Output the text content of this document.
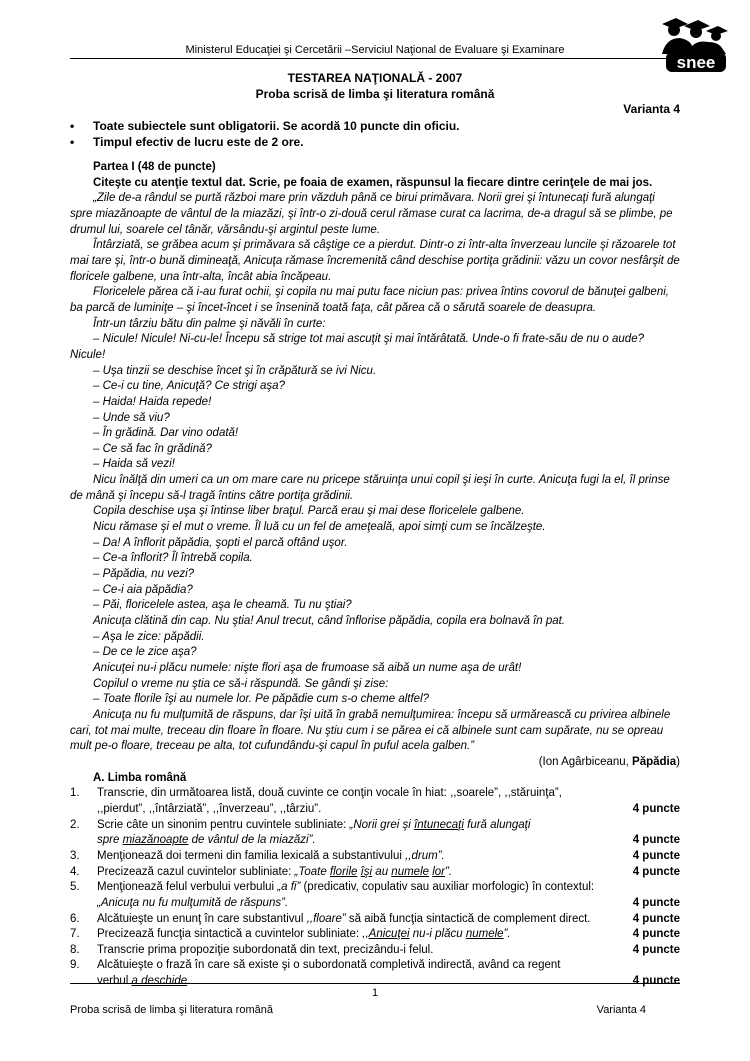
Ministerul Educaţiei şi Cercetării –Serviciul Naţional de Evaluare şi Examinare
snee
TESTAREA NAŢIONALĂ - 2007
Proba scrisă de limba şi literatura română
Varianta 4
• Toate subiectele sunt obligatorii. Se acordă 10 puncte din oficiu.
• Timpul efectiv de lucru este de 2 ore.

Partea I (48 de puncte)

Citeşte cu atenţie textul dat. Scrie, pe foaia de examen, răspunsul la fiecare dintre cerinţele de mai jos.

„Zile de-a rândul se purtă război mare prin văzduh până ce birui primăvara. Norii grei şi întunecaţi fură alungaţi spre miazănoapte de vântul de la miazăzi, şi într-o zi-două cerul rămase curat ca lacrima, de-a dragul să se plimbe, pe drumul lui, soarele cel tânăr, vărsându-şi argintul peste lume.

Întârziată, se grăbea acum şi primăvara să câştige ce a pierdut. Dintr-o zi într-alta înverzeau luncile şi răzoarele tot mai tare şi, într-o bună dimineaţă, Anicuţa rămase încremenită când deschise portiţa grădinii: văzu un covor nesfârşit de floricele galbene, una într-alta, încât abia încăpeau.

Floricelele părea că i-au furat ochii, şi copila nu mai putu face niciun pas: privea întins covorul de bănuţei galbeni, ba parcă de luminiţe – şi încet-încet i se însenină toată faţa, cât părea că o sărută soarele de deasupra.

Într-un târziu bătu din palme şi năvăli în curte:

– Nicule! Nicule! Ni-cu-le! Începu să strige tot mai ascuţit şi mai întărâtată. Unde-o fi frate-său de nu o aude? Nicule!

– Uşa tinzii se deschise încet şi în crăpătură se ivi Nicu.

– Ce-i cu tine, Anicuţă? Ce strigi aşa?

– Haida! Haida repede!

– Unde să viu?

– În grădină. Dar vino odată!

– Ce să fac în grădină?

– Haida să vezi!

Nicu înălţă din umeri ca un om mare care nu pricepe stăruinţa unui copil şi ieşi în curte. Anicuţa fugi la el, îl prinse de mână şi începu să-l tragă întins către portiţa grădinii.

Copila deschise uşa şi întinse liber braţul. Parcă erau şi mai dese floricelele galbene.

Nicu rămase şi el mut o vreme. Îl luă cu un fel de ameţeală, apoi simţi cum se încălzeşte.

– Da! A înflorit păpădia, şopti el parcă oftând uşor.

– Ce-a înflorit? Îl întrebă copila.

– Păpădia, nu vezi?

– Ce-i aia păpădia?

– Păi, floricelele astea, aşa le cheamă. Tu nu ştiai?

Anicuţa clătină din cap. Nu ştia! Anul trecut, când înflorise păpădia, copila era bolnavă în pat.

– Aşa le zice: păpădii.

– De ce le zice aşa?

Anicuţei nu-i plăcu numele: nişte flori aşa de frumoase să aibă un nume aşa de urât!

Copilul o vreme nu ştia ce să-i răspundă. Se gândi şi zise:

– Toate florile îşi au numele lor. Pe păpădie cum s-o cheme altfel?

Anicuţa nu fu mulţumită de răspuns, dar îşi uită în grabă nemulţumirea: începu să urmărească cu privirea albinele cari, tot mai multe, treceau din floare în floare. Nu ştiu cum i se părea ei că albinele sunt cam supărate, nu se opreau mult pe-o floare, treceau pe alta, tot cufundându-şi capul în puful acela galben.”

(Ion Agârbiceanu, Păpădia)

A. Limba română

1. Transcrie, din următoarea listă, două cuvinte ce conţin vocale în hiat: ,,soarele”, ,,stăruinţa”,
,,pierdut”, ,,întârziată”, ,,înverzeau”, ,,târziu”.	4 puncte
2. Scrie câte un sinonim pentru cuvintele subliniate: „Norii grei şi întunecaţi fură alungaţi
spre miazănoapte de vântul de la miazăzi”.	4 puncte
3. Menţionează doi termeni din familia lexicală a substantivului ,,drum”.	4 puncte
4. Precizează cazul cuvintelor subliniate: „Toate florile îşi au numele lor”.	4 puncte
5. Menţionează felul verbului verbului „a fi” (predicativ, copulativ sau auxiliar morfologic) în contextul:
„Anicuţa nu fu mulţumită de răspuns”.	4 puncte
6. Alcătuieşte un enunţ în care substantivul ,,floare” să aibă funcţia sintactică de complement direct.	4 puncte
7. Precizează funcţia sintactică a cuvintelor subliniate: ,,Anicuţei nu-i plăcu numele”.	4 puncte
8. Transcrie prima propoziţie subordonată din text, precizându-i felul.	4 puncte
9. Alcătuieşte o frază în care să existe şi o subordonată completivă indirectă, având ca regent
verbul a deschide.	4 puncte
1
Proba scrisă de limba şi literatura română	Varianta 4
